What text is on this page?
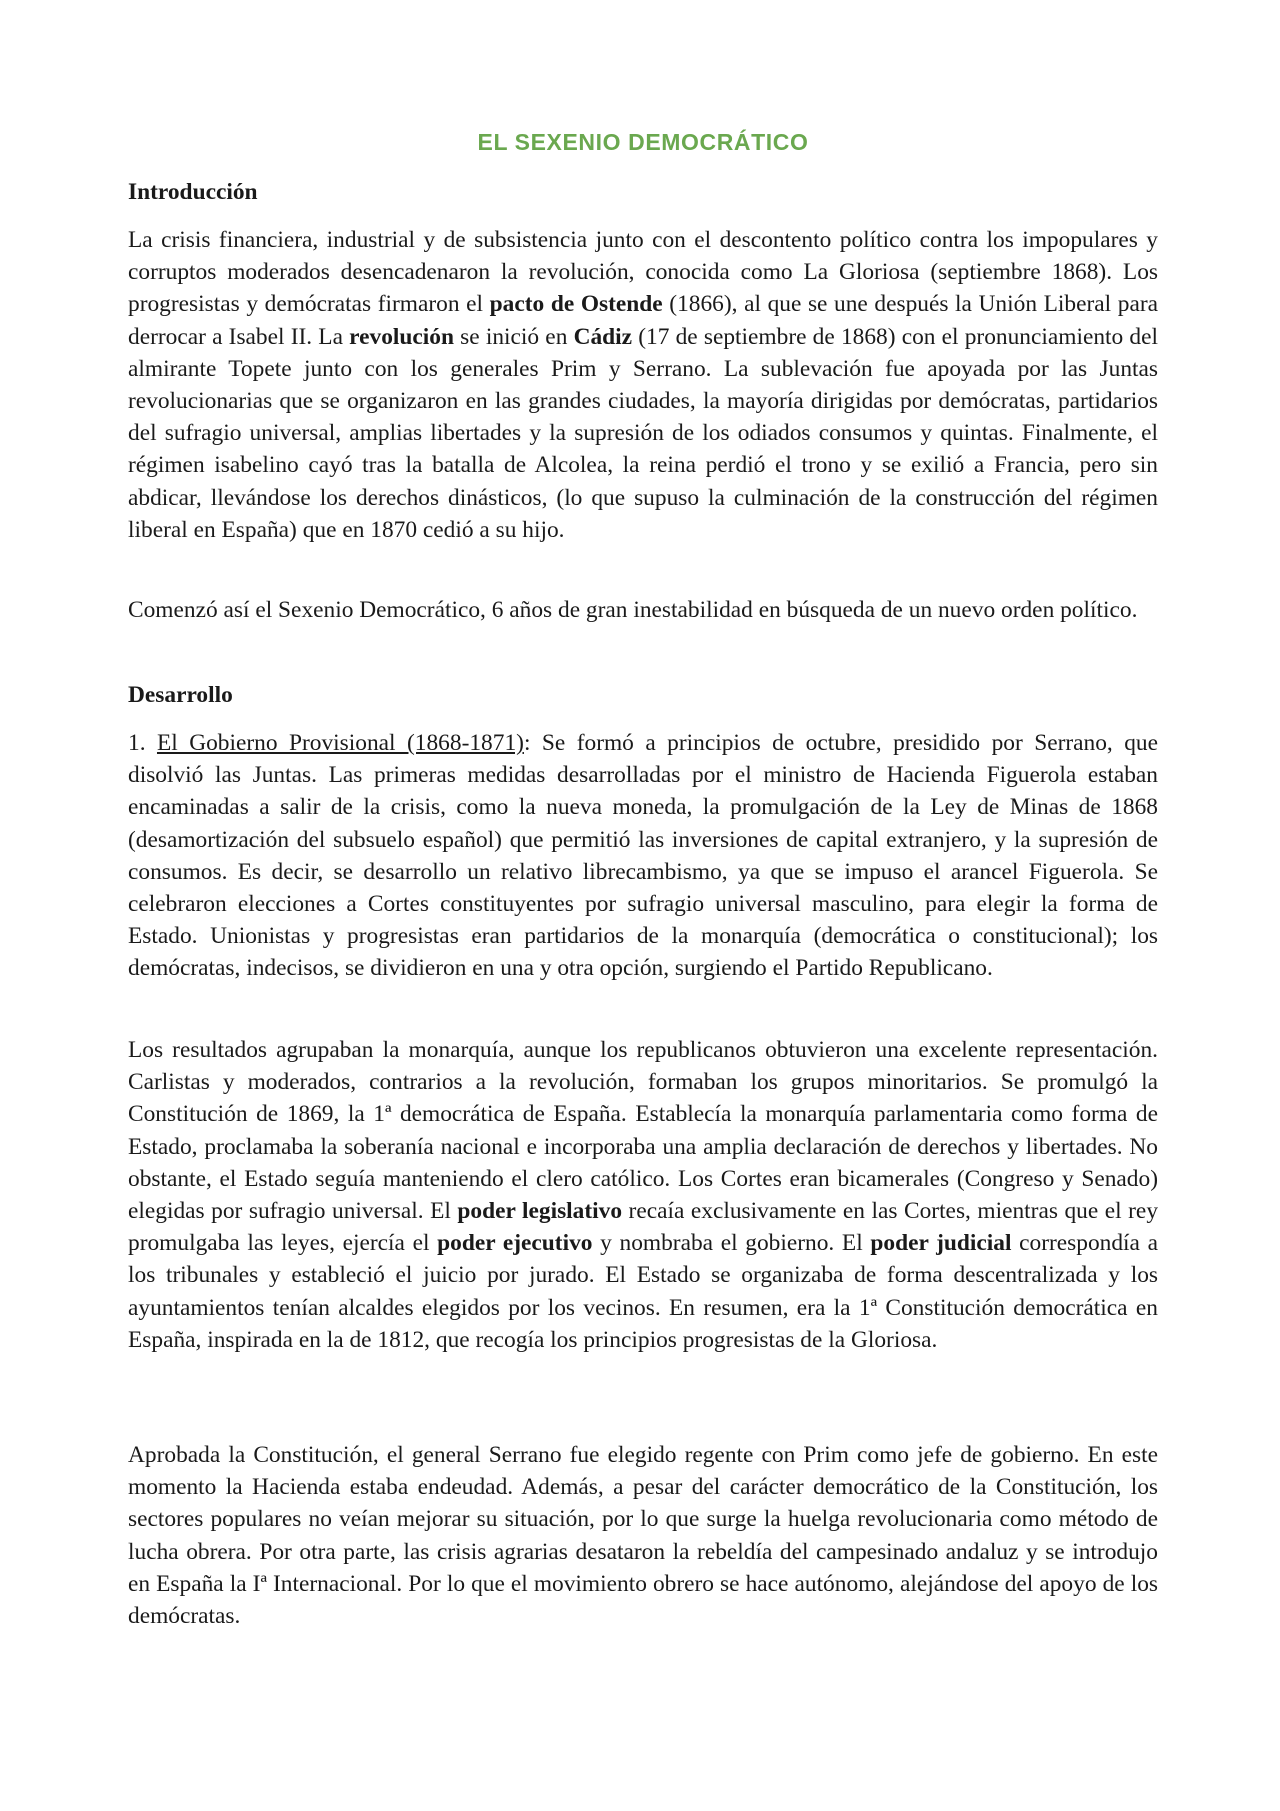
EL SEXENIO DEMOCRÁTICO
Introducción

La crisis financiera, industrial y de subsistencia junto con el descontento político contra los impopulares y corruptos moderados desencadenaron la revolución, conocida como La Gloriosa (septiembre 1868). Los progresistas y demócratas firmaron el pacto de Ostende (1866), al que se une después la Unión Liberal para derrocar a Isabel II. La revolución se inició en Cádiz (17 de septiembre de 1868) con el pronunciamiento del almirante Topete junto con los generales Prim y Serrano. La sublevación fue apoyada por las Juntas revolucionarias que se organizaron en las grandes ciudades, la mayoría dirigidas por demócratas, partidarios del sufragio universal, amplias libertades y la supresión de los odiados consumos y quintas. Finalmente, el régimen isabelino cayó tras la batalla de Alcolea, la reina perdió el trono y se exilió a Francia, pero sin abdicar, llevándose los derechos dinásticos, (lo que supuso la culminación de la construcción del régimen liberal en España) que en 1870 cedió a su hijo.

Comenzó así el Sexenio Democrático, 6 años de gran inestabilidad en búsqueda de un nuevo orden político.

Desarrollo

1. El Gobierno Provisional (1868-1871): Se formó a principios de octubre, presidido por Serrano, que disolvió las Juntas. Las primeras medidas desarrolladas por el ministro de Hacienda Figuerola estaban encaminadas a salir de la crisis, como la nueva moneda, la promulgación de la Ley de Minas de 1868 (desamortización del subsuelo español) que permitió las inversiones de capital extranjero, y la supresión de consumos. Es decir, se desarrollo un relativo librecambismo, ya que se impuso el arancel Figuerola. Se celebraron elecciones a Cortes constituyentes por sufragio universal masculino, para elegir la forma de Estado. Unionistas y progresistas eran partidarios de la monarquía (democrática o constitucional); los demócratas, indecisos, se dividieron en una y otra opción, surgiendo el Partido Republicano.

Los resultados agrupaban la monarquía, aunque los republicanos obtuvieron una excelente representación. Carlistas y moderados, contrarios a la revolución, formaban los grupos minoritarios. Se promulgó la Constitución de 1869, la 1ª democrática de España. Establecía la monarquía parlamentaria como forma de Estado, proclamaba la soberanía nacional e incorporaba una amplia declaración de derechos y libertades. No obstante, el Estado seguía manteniendo el clero católico. Los Cortes eran bicamerales (Congreso y Senado) elegidas por sufragio universal. El poder legislativo recaía exclusivamente en las Cortes, mientras que el rey promulgaba las leyes, ejercía el poder ejecutivo y nombraba el gobierno. El poder judicial correspondía a los tribunales y estableció el juicio por jurado. El Estado se organizaba de forma descentralizada y los ayuntamientos tenían alcaldes elegidos por los vecinos. En resumen, era la 1ª Constitución democrática en España, inspirada en la de 1812, que recogía los principios progresistas de la Gloriosa.

Aprobada la Constitución, el general Serrano fue elegido regente con Prim como jefe de gobierno. En este momento la Hacienda estaba endeudad. Además, a pesar del carácter democrático de la Constitución, los sectores populares no veían mejorar su situación, por lo que surge la huelga revolucionaria como método de lucha obrera. Por otra parte, las crisis agrarias desataron la rebeldía del campesinado andaluz y se introdujo en España la Iª Internacional. Por lo que el movimiento obrero se hace autónomo, alejándose del apoyo de los demócratas.
